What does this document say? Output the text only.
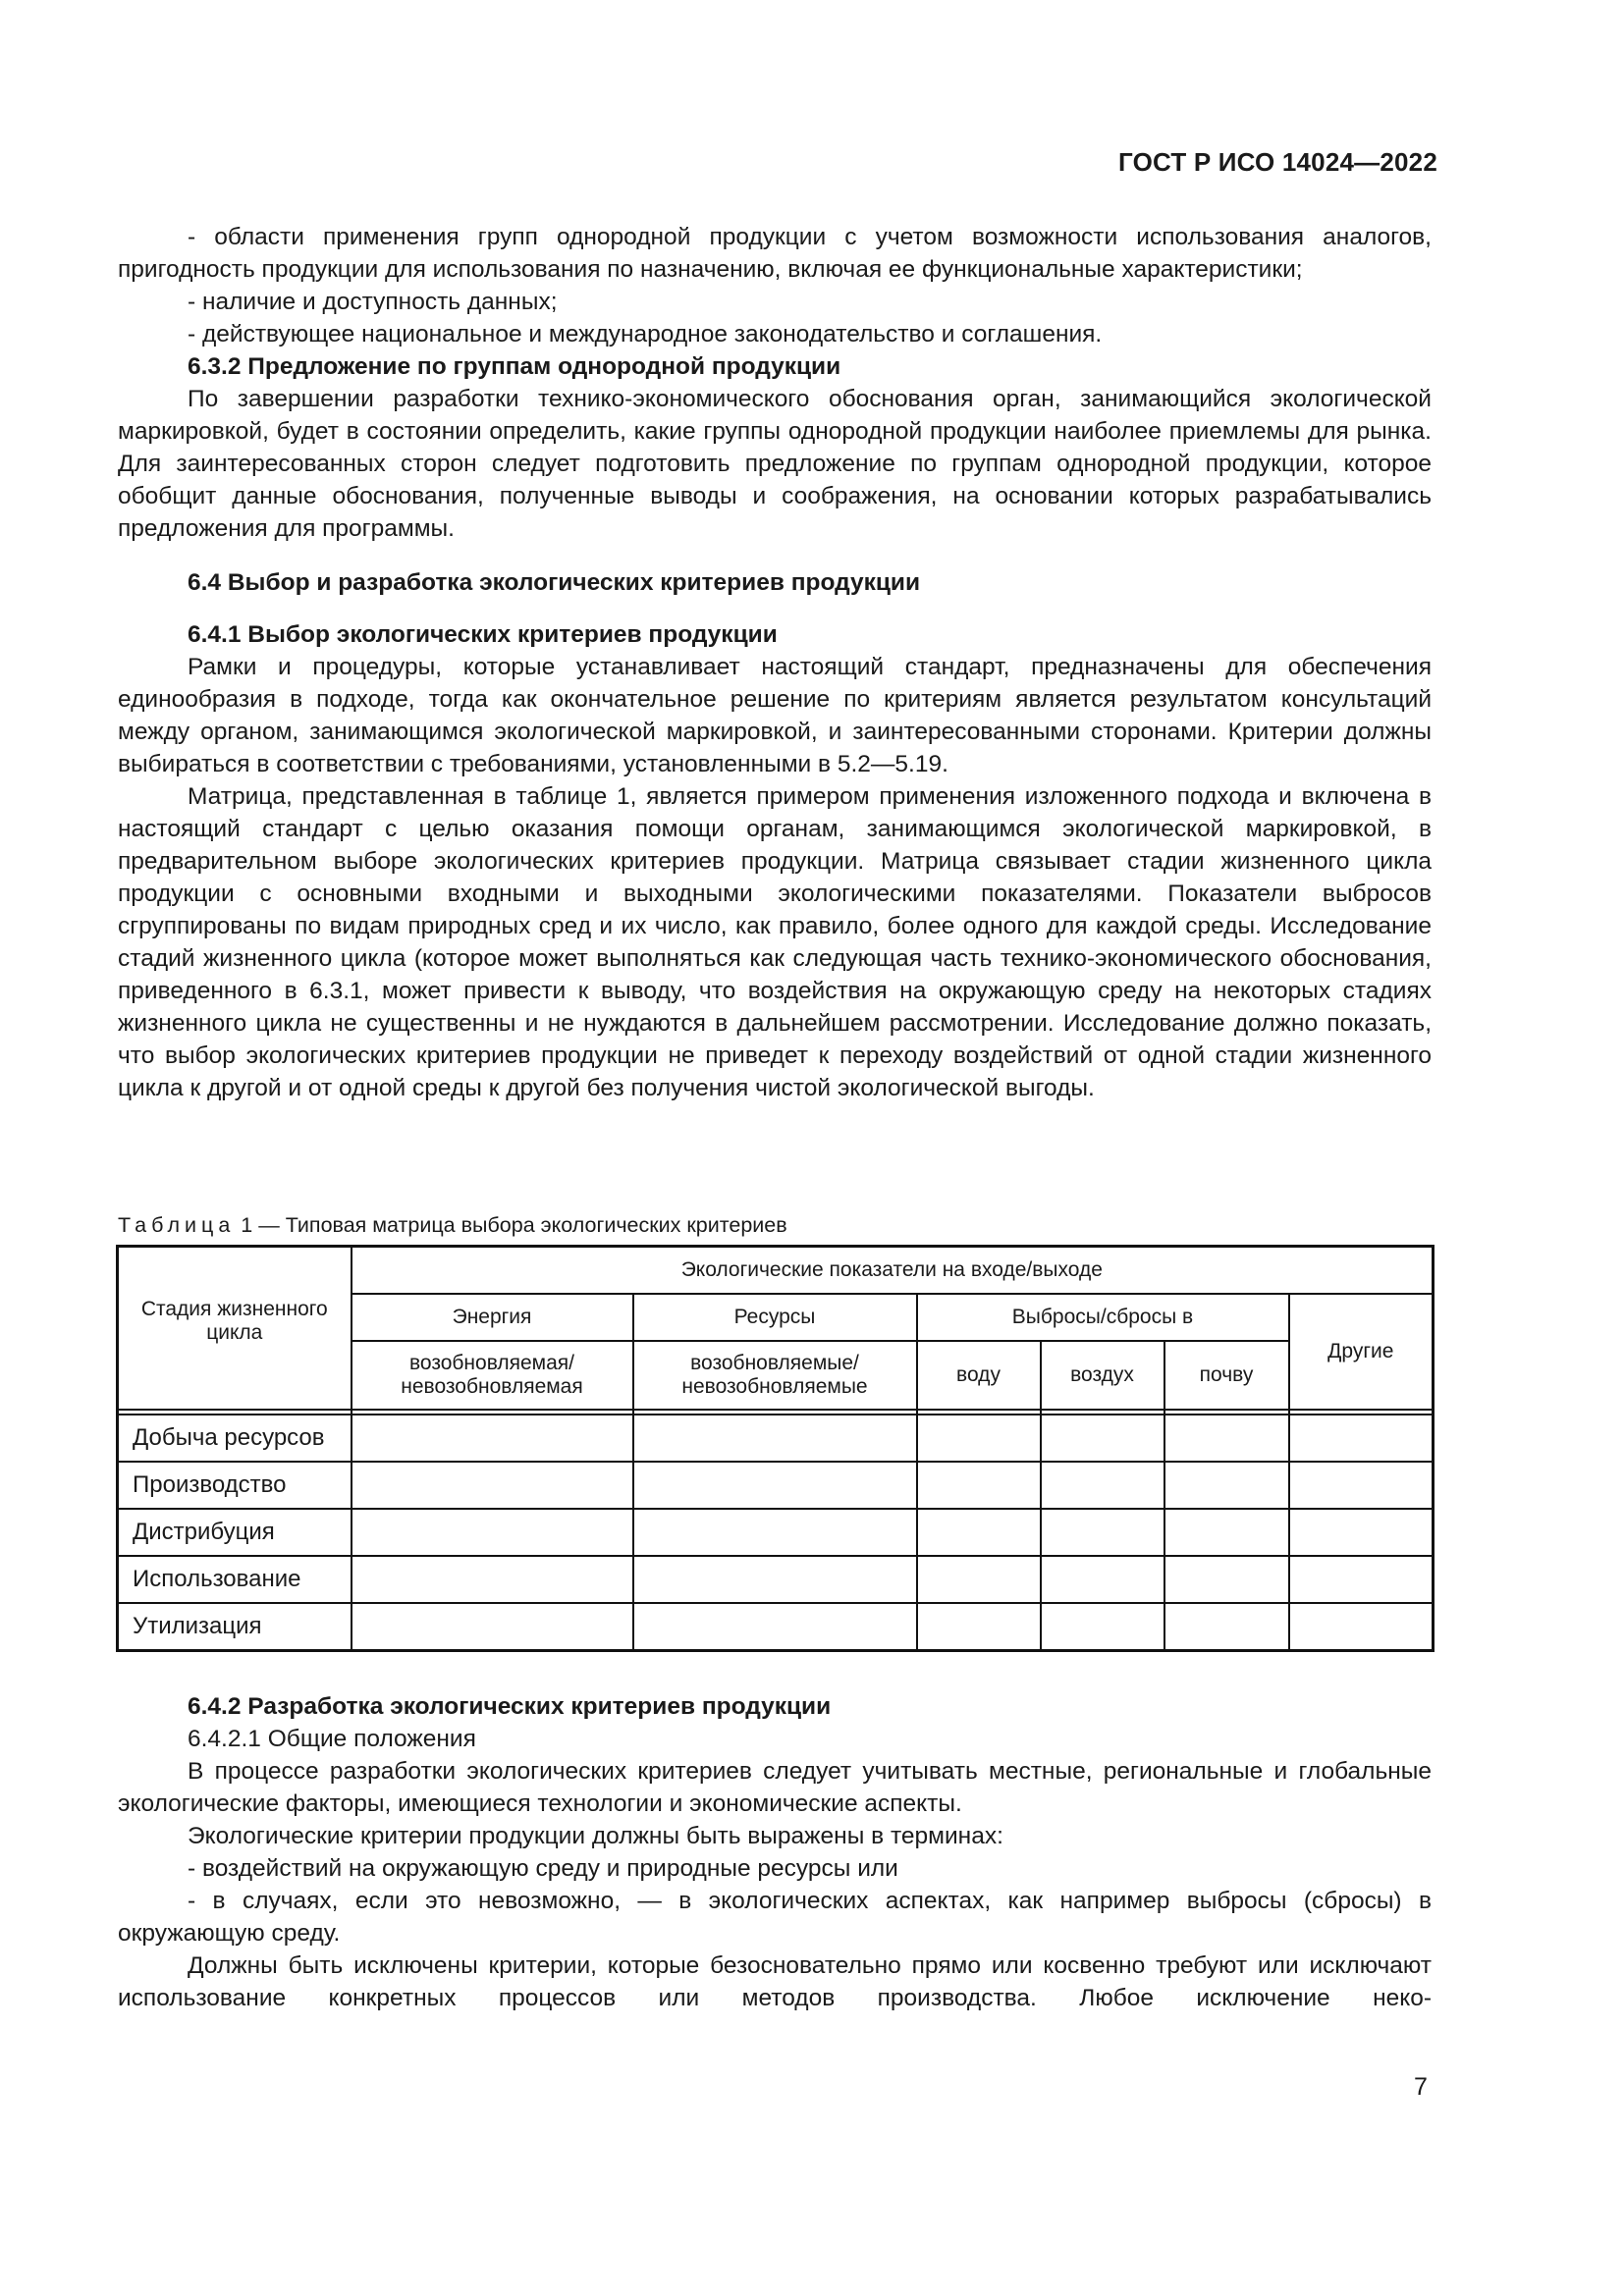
ГОСТ Р ИСО 14024—2022

- области применения групп однородной продукции с учетом возможности использования аналогов, пригодность продукции для использования по назначению, включая ее функциональные характеристики;

- наличие и доступность данных;

- действующее национальное и международное законодательство и соглашения.

6.3.2 Предложение по группам однородной продукции

По завершении разработки технико-экономического обоснования орган, занимающийся экологической маркировкой, будет в состоянии определить, какие группы однородной продукции наиболее приемлемы для рынка. Для заинтересованных сторон следует подготовить предложение по группам однородной продукции, которое обобщит данные обоснования, полученные выводы и соображения, на основании которых разрабатывались предложения для программы.

6.4 Выбор и разработка экологических критериев продукции

6.4.1 Выбор экологических критериев продукции

Рамки и процедуры, которые устанавливает настоящий стандарт, предназначены для обеспечения единообразия в подходе, тогда как окончательное решение по критериям является результатом консультаций между органом, занимающимся экологической маркировкой, и заинтересованными сторонами. Критерии должны выбираться в соответствии с требованиями, установленными в 5.2—5.19.

Матрица, представленная в таблице 1, является примером применения изложенного подхода и включена в настоящий стандарт с целью оказания помощи органам, занимающимся экологической маркировкой, в предварительном выборе экологических критериев продукции. Матрица связывает стадии жизненного цикла продукции с основными входными и выходными экологическими показателями. Показатели выбросов сгруппированы по видам природных сред и их число, как правило, более одного для каждой среды. Исследование стадий жизненного цикла (которое может выполняться как следующая часть технико-экономического обоснования, приведенного в 6.3.1, может привести к выводу, что воздействия на окружающую среду на некоторых стадиях жизненного цикла не существенны и не нуждаются в дальнейшем рассмотрении. Исследование должно показать, что выбор экологических критериев продукции не приведет к переходу воздействий от одной стадии жизненного цикла к другой и от одной среды к другой без получения чистой экологической выгоды.

Таблица 1 — Типовая матрица выбора экологических критериев
Стадия жизненного цикла	Экологические показатели на входе/выходе					
	Энергия	Ресурсы	Выбросы/сбросы в			Другие
	возобновляемая/ невозобновляемая	возобновляемые/ невозобновляемые	воду	воздух	почву	

Добыча ресурсов						
Производство						
Дистрибуция						
Использование						
Утилизация						

6.4.2 Разработка экологических критериев продукции

6.4.2.1 Общие положения

В процессе разработки экологических критериев следует учитывать местные, региональные и глобальные экологические факторы, имеющиеся технологии и экономические аспекты.

Экологические критерии продукции должны быть выражены в терминах:

- воздействий на окружающую среду и природные ресурсы или

- в случаях, если это невозможно, — в экологических аспектах, как например выбросы (сбросы) в окружающую среду.

Должны быть исключены критерии, которые безосновательно прямо или косвенно требуют или исключают использование конкретных процессов или методов производства. Любое исключение неко-

7
